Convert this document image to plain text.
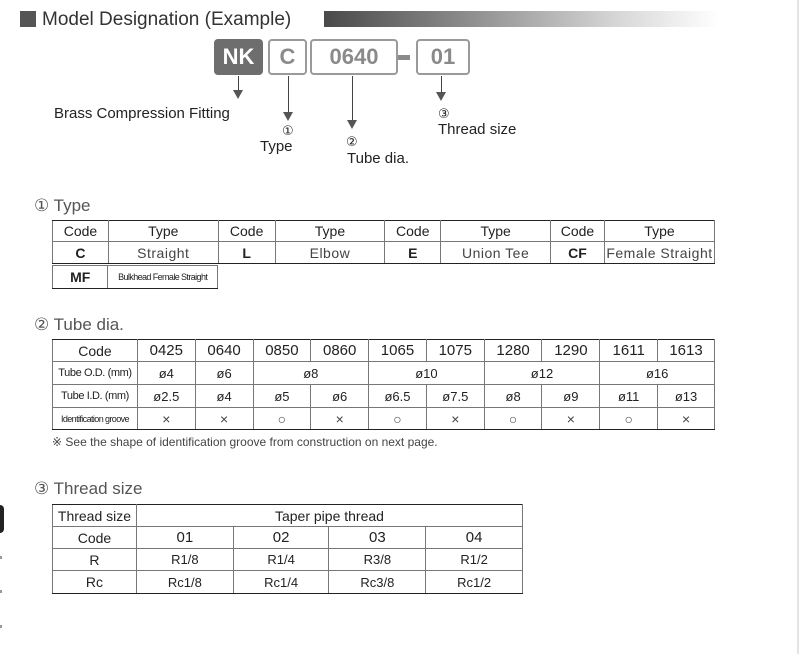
Model Designation (Example)
NK	C	0640	01
Brass Compression Fitting
①
Type	②
Tube dia.
③
Thread size
① Type
Code	Type	Code	Type	Code	Type	Code	Type
C	Straight	L	Elbow	E	Union Tee	CF	Female Straight
MF	Bulkhead Female Straight
② Tube dia.
Code	0425	0640	0850	0860	1065	1075	1280	1290	1611	1613
Tube O.D. (mm)	ø4	ø6	ø8		ø10		ø12		ø16	
Tube I.D. (mm)	ø2.5	ø4	ø5	ø6	ø6.5	ø7.5	ø8	ø9	ø11	ø13
Identification groove	×	×	○	×	○	×	○	×	○	×
※ See the shape of identification groove from construction on next page.
③ Thread size
Thread size	Taper pipe thread			
Code	01	02	03	04
R	R1/8	R1/4	R3/8	R1/2
Rc	Rc1/8	Rc1/4	Rc3/8	Rc1/2
